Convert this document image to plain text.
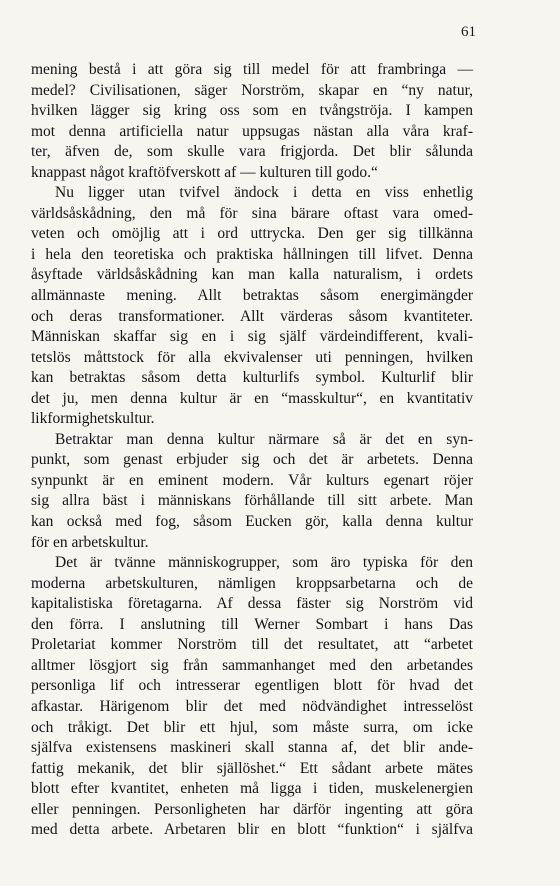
61

mening bestå i att göra sig till medel för att frambringa —
medel? Civilisationen, säger Norström, skapar en “ny natur,
hvilken lägger sig kring oss som en tvångströja. I kampen
mot denna artificiella natur uppsugas nästan alla våra kraf-
ter, äfven de, som skulle vara frigjorda. Det blir sålunda
knappast något kraftöfverskott af — kulturen till godo.“

Nu ligger utan tvifvel ändock i detta en viss enhetlig
världsåskådning, den må för sina bärare oftast vara omed-
veten och omöjlig att i ord uttrycka. Den ger sig tillkänna
i hela den teoretiska och praktiska hållningen till lifvet. Denna
åsyftade världsåskådning kan man kalla naturalism, i ordets
allmännaste mening. Allt betraktas såsom energimängder
och deras transformationer. Allt värderas såsom kvantiteter.
Människan skaffar sig en i sig själf värdeindifferent, kvali-
tetslös måttstock för alla ekvivalenser uti penningen, hvilken
kan betraktas såsom detta kulturlifs symbol. Kulturlif blir
det ju, men denna kultur är en “masskultur“, en kvantitativ
likformighetskultur.

Betraktar man denna kultur närmare så är det en syn-
punkt, som genast erbjuder sig och det är arbetets. Denna
synpunkt är en eminent modern. Vår kulturs egenart röjer
sig allra bäst i människans förhållande till sitt arbete. Man
kan också med fog, såsom Eucken gör, kalla denna kultur
för en arbetskultur.

Det är tvänne människogrupper, som äro typiska för den
moderna arbetskulturen, nämligen kroppsarbetarna och de
kapitalistiska företagarna. Af dessa fäster sig Norström vid
den förra. I anslutning till Werner Sombart i hans Das
Proletariat kommer Norström till det resultatet, att “arbetet
alltmer lösgjort sig från sammanhanget med den arbetandes
personliga lif och intresserar egentligen blott för hvad det
afkastar. Härigenom blir det med nödvändighet intresselöst
och tråkigt. Det blir ett hjul, som måste surra, om icke
själfva existensens maskineri skall stanna af, det blir ande-
fattig mekanik, det blir själlöshet.“ Ett sådant arbete mätes
blott efter kvantitet, enheten må ligga i tiden, muskelenergien
eller penningen. Personligheten har därför ingenting att göra
med detta arbete. Arbetaren blir en blott “funktion“ i själfva
